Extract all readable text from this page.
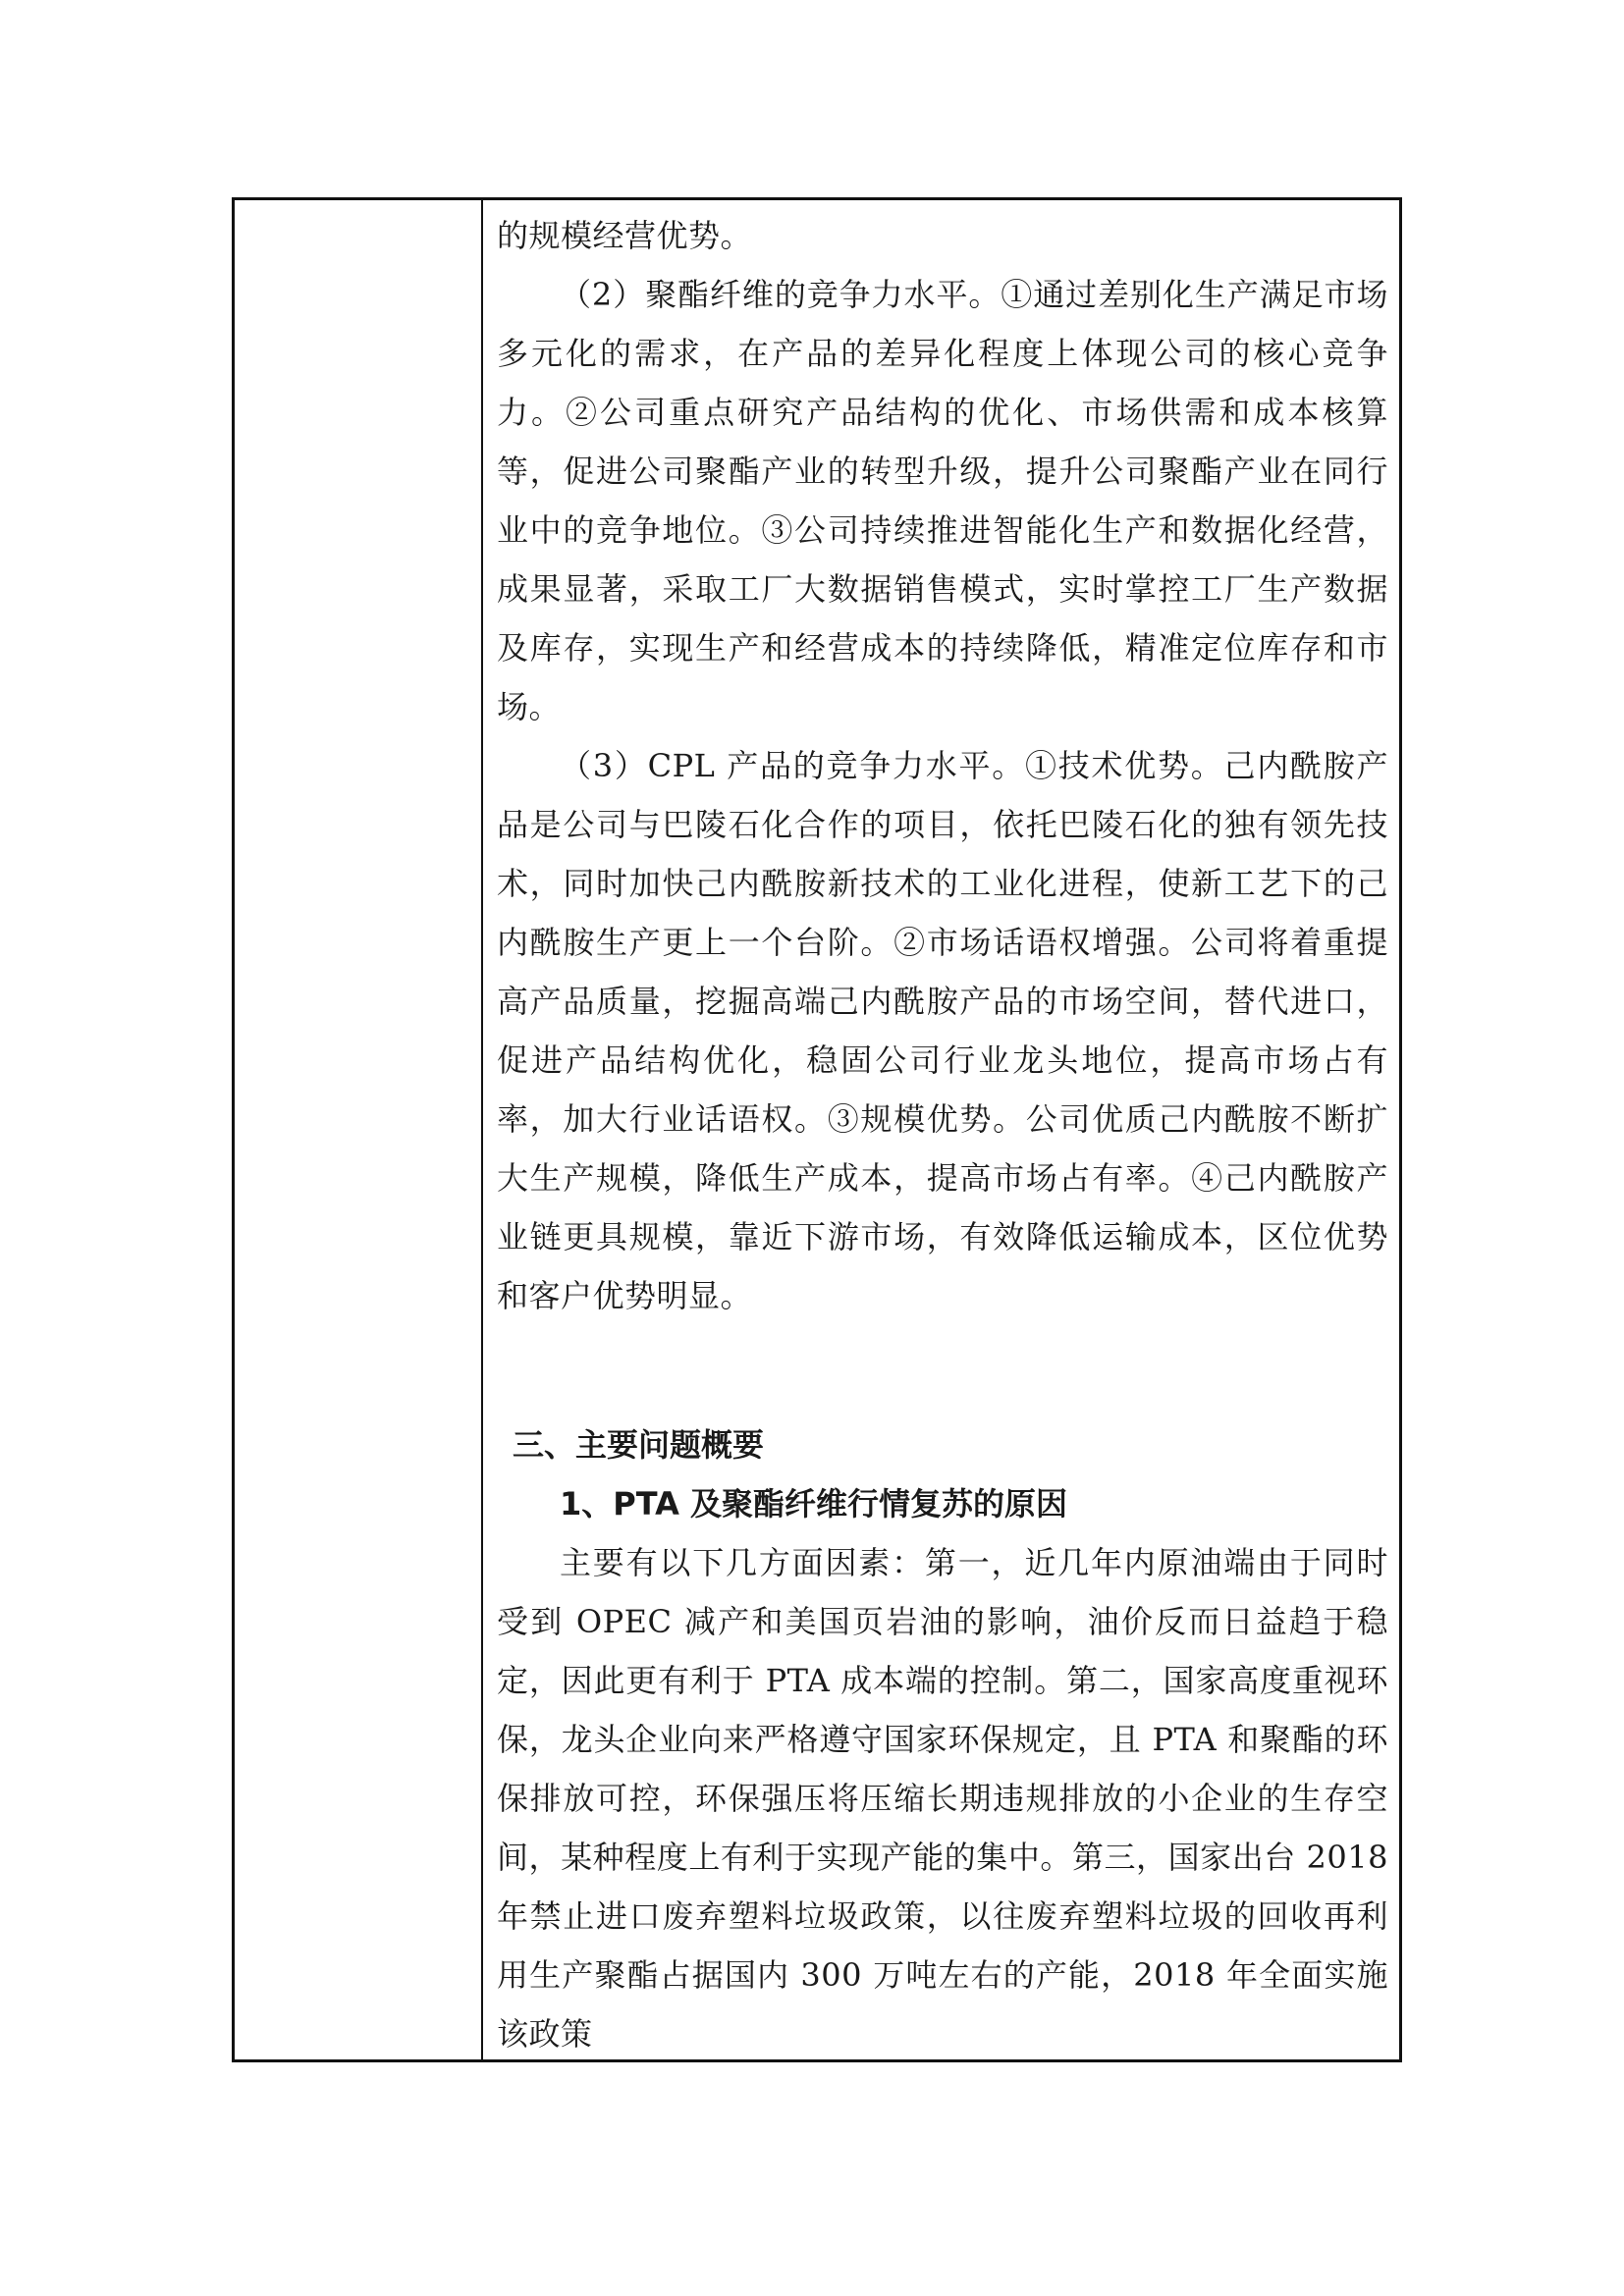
的规模经营优势。

（2）聚酯纤维的竞争力水平。①通过差别化生产满足市场多元化的需求，在产品的差异化程度上体现公司的核心竞争力。②公司重点研究产品结构的优化、市场供需和成本核算等，促进公司聚酯产业的转型升级，提升公司聚酯产业在同行业中的竞争地位。③公司持续推进智能化生产和数据化经营，成果显著，采取工厂大数据销售模式，实时掌控工厂生产数据及库存，实现生产和经营成本的持续降低，精准定位库存和市场。

（3）CPL 产品的竞争力水平。①技术优势。己内酰胺产品是公司与巴陵石化合作的项目，依托巴陵石化的独有领先技术，同时加快己内酰胺新技术的工业化进程，使新工艺下的己内酰胺生产更上一个台阶。②市场话语权增强。公司将着重提高产品质量，挖掘高端己内酰胺产品的市场空间，替代进口，促进产品结构优化，稳固公司行业龙头地位，提高市场占有率，加大行业话语权。③规模优势。公司优质己内酰胺不断扩大生产规模，降低生产成本，提高市场占有率。④己内酰胺产业链更具规模，靠近下游市场，有效降低运输成本，区位优势和客户优势明显。

三、主要问题概要

1、PTA 及聚酯纤维行情复苏的原因

主要有以下几方面因素：第一，近几年内原油端由于同时受到 OPEC 减产和美国页岩油的影响，油价反而日益趋于稳定，因此更有利于 PTA 成本端的控制。第二，国家高度重视环保，龙头企业向来严格遵守国家环保规定，且 PTA 和聚酯的环保排放可控，环保强压将压缩长期违规排放的小企业的生存空间，某种程度上有利于实现产能的集中。第三，国家出台 2018 年禁止进口废弃塑料垃圾政策，以往废弃塑料垃圾的回收再利用生产聚酯占据国内 300 万吨左右的产能，2018 年全面实施该政策
